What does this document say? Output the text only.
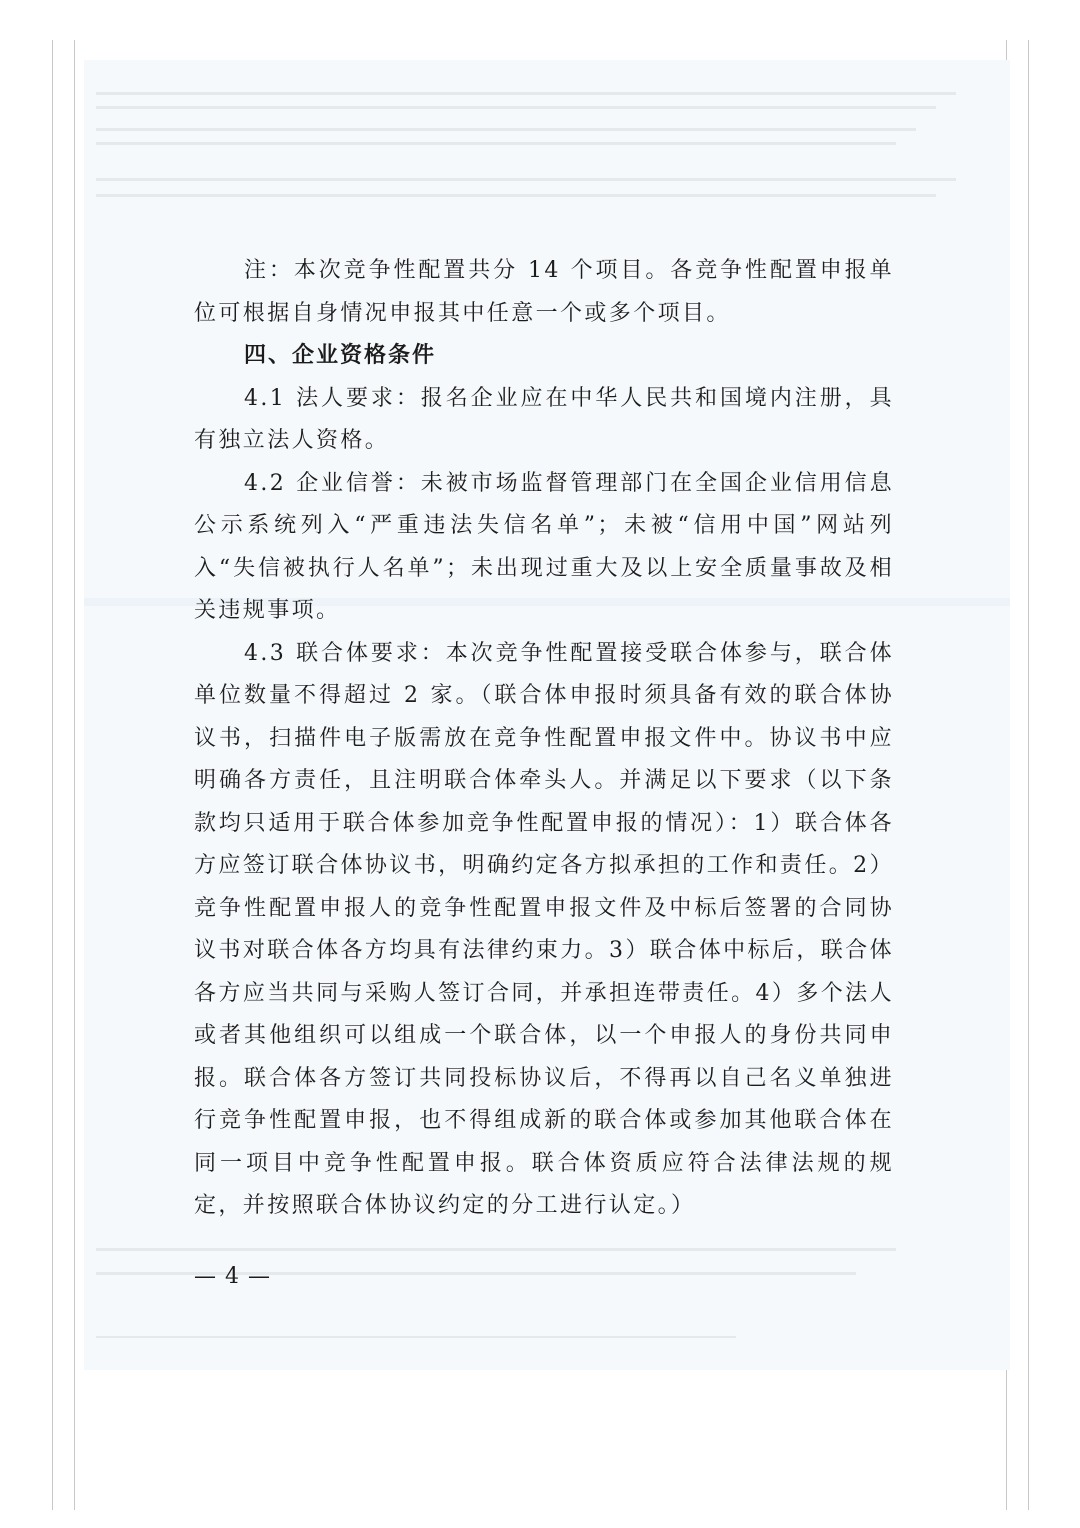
注：本次竞争性配置共分 14 个项目。各竞争性配置申报单位可根据自身情况申报其中任意一个或多个项目。

四、企业资格条件

4.1 法人要求：报名企业应在中华人民共和国境内注册，具有独立法人资格。

4.2 企业信誉：未被市场监督管理部门在全国企业信用信息公示系统列入“严重违法失信名单”；未被“信用中国”网站列入“失信被执行人名单”；未出现过重大及以上安全质量事故及相关违规事项。

4.3 联合体要求：本次竞争性配置接受联合体参与，联合体单位数量不得超过 2 家。（联合体申报时须具备有效的联合体协议书，扫描件电子版需放在竞争性配置申报文件中。协议书中应明确各方责任，且注明联合体牵头人。并满足以下要求（以下条款均只适用于联合体参加竞争性配置申报的情况）：1）联合体各方应签订联合体协议书，明确约定各方拟承担的工作和责任。2）竞争性配置申报人的竞争性配置申报文件及中标后签署的合同协议书对联合体各方均具有法律约束力。3）联合体中标后，联合体各方应当共同与采购人签订合同，并承担连带责任。4）多个法人或者其他组织可以组成一个联合体，以一个申报人的身份共同申报。联合体各方签订共同投标协议后，不得再以自己名义单独进行竞争性配置申报，也不得组成新的联合体或参加其他联合体在同一项目中竞争性配置申报。联合体资质应符合法律法规的规定，并按照联合体协议约定的分工进行认定。）

— 4 —
